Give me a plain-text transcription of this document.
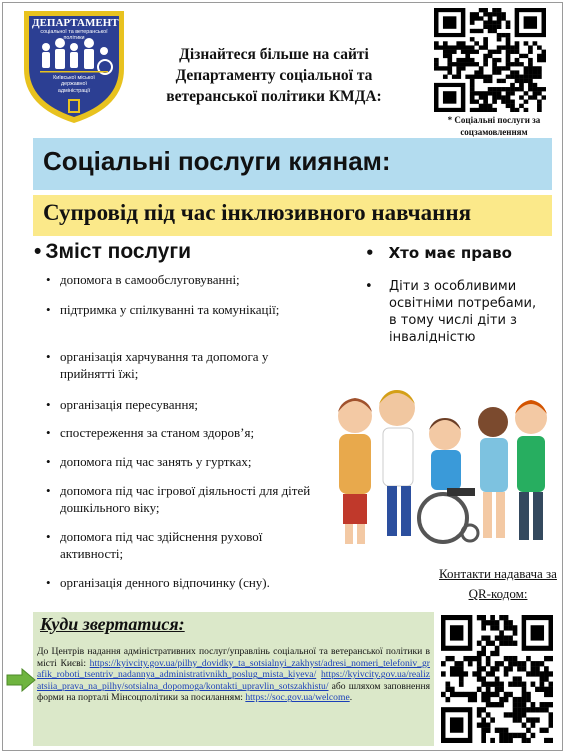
ДЕПАРТАМЕНТ
соціальної та ветеранської політики
Київської міської державної адміністрації
Дізнайтеся більше на сайті Департаменту соціальної та ветеранської політики КМДА:
* Соціальні послуги за соцзамовленням
Соціальні послуги киянам:
Супровід під час інклюзивного навчання
• Зміст послуги
• допомога в самообслуговуванні;
• підтримка у спілкуванні та комунікації;
• організація харчування та допомога у прийнятті їжі;
• організація пересування;
• спостереження за станом здоров’я;
• допомога під час занять у гуртках;
• допомога під час ігрової діяльності для дітей дошкільного віку;
• допомога під час здійснення рухової активності;
• організація денного відпочинку (сну).
• Хто має право
•	Діти з особливими освітніми потребами, в тому числі діти з інвалідністю
Контакти надавача за QR-кодом:
Куди звертатися:
До Центрів надання адміністративних послуг/управлінь соціальної та ветеранської політики в місті Києві: https://kyivcity.gov.ua/pilhy_dovidky_ta_sotsialnyi_zakhyst/adresi_nomeri_telefoniv_grafik_roboti_tsentriv_nadannya_administrativnikh_poslug_mista_kiyeva/ https://kyivcity.gov.ua/realizatsiia_prava_na_pilhy/sotsialna_dopomoga/kontakti_upravlin_sotszakhistu/ або шляхом заповнення форми на порталі Мінсоцполітики за посиланням: https://soc.gov.ua/welcome.
